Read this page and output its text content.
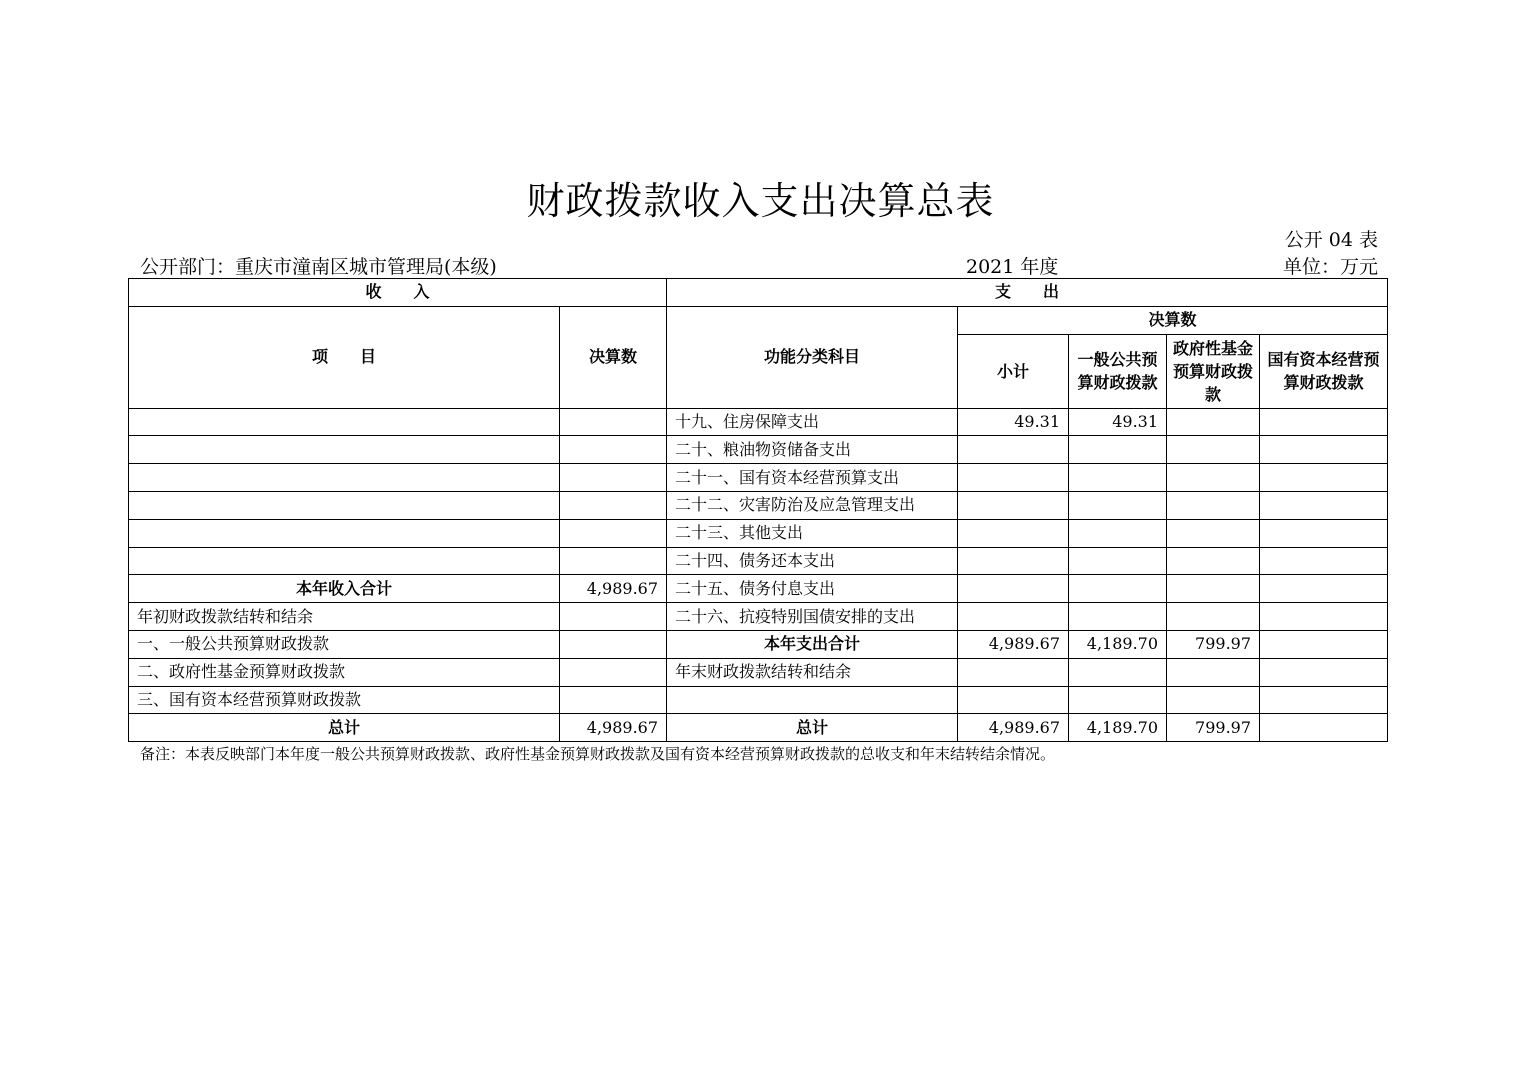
财政拨款收入支出决算总表
公开 04 表
公开部门：重庆市潼南区城市管理局(本级)	2021 年度	单位：万元
收　　入		支　　出				
项　　目	决算数	功能分类科目	决算数			
			小计	一般公共预算财政拨款	政府性基金预算财政拨款	国有资本经营预算财政拨款
		十九、住房保障支出	49.31	49.31		
		二十、粮油物资储备支出				
		二十一、国有资本经营预算支出				
		二十二、灾害防治及应急管理支出				
		二十三、其他支出				
		二十四、债务还本支出				
本年收入合计	4,989.67	二十五、债务付息支出				
年初财政拨款结转和结余		二十六、抗疫特别国债安排的支出				
一、一般公共预算财政拨款		本年支出合计	4,989.67	4,189.70	799.97	
二、政府性基金预算财政拨款		年末财政拨款结转和结余				
三、国有资本经营预算财政拨款						
总计	4,989.67	总计	4,989.67	4,189.70	799.97	
备注：本表反映部门本年度一般公共预算财政拨款、政府性基金预算财政拨款及国有资本经营预算财政拨款的总收支和年末结转结余情况。
